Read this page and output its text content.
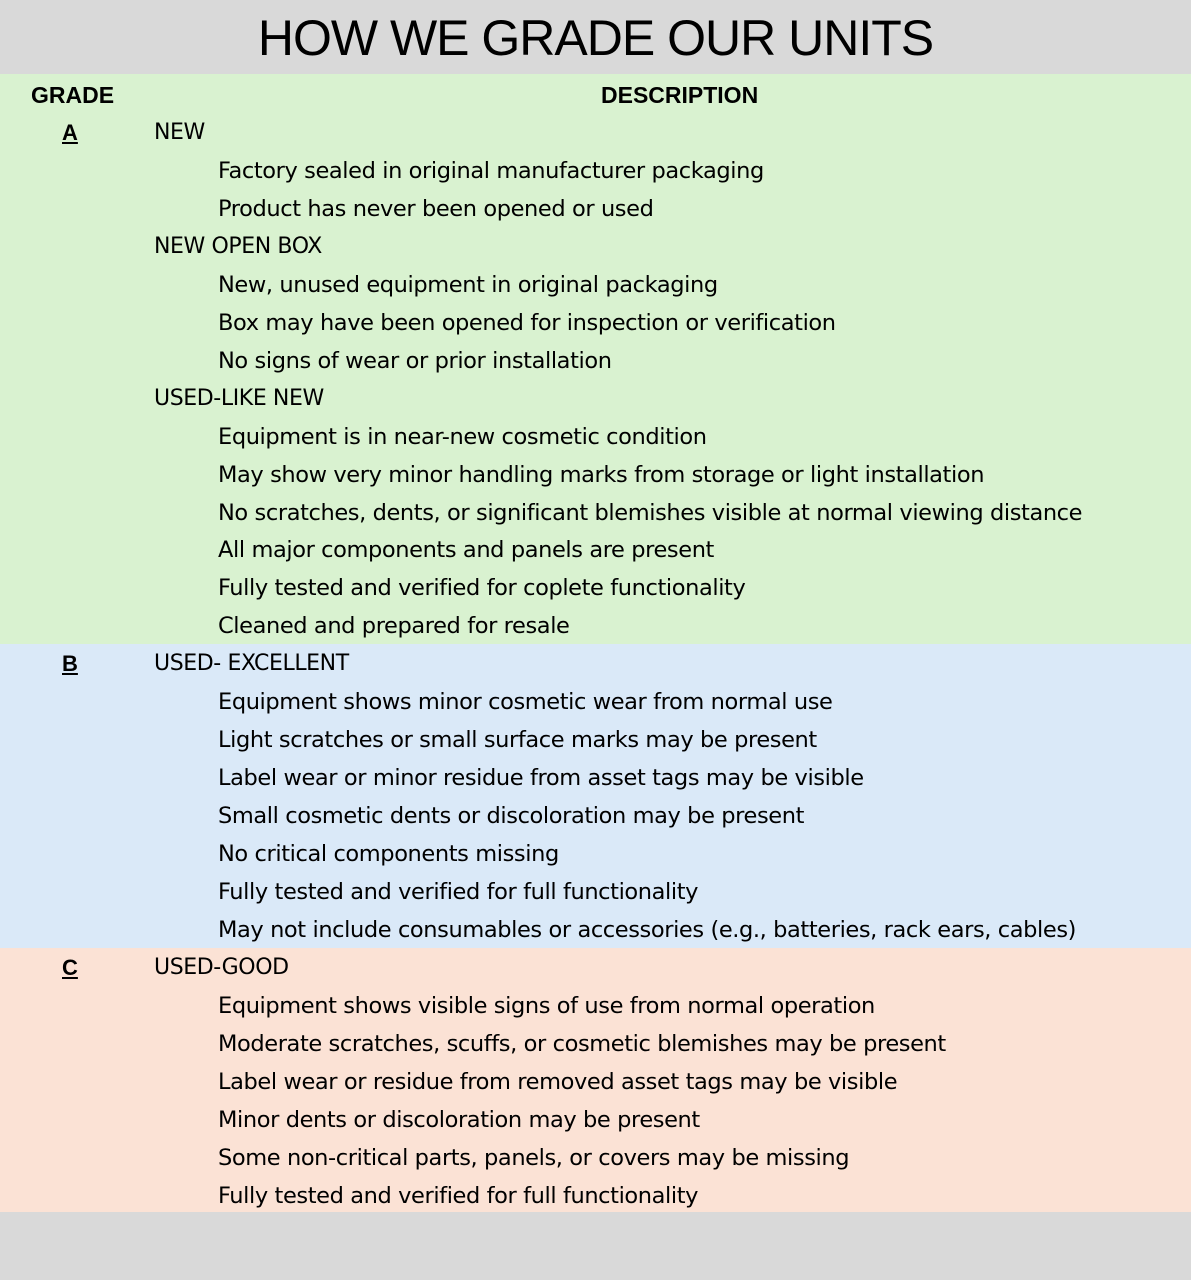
HOW WE GRADE OUR UNITS
GRADE	DESCRIPTION
A	NEW
Factory sealed in original manufacturer packaging
Product has never been opened or used
NEW OPEN BOX
New, unused equipment in original packaging
Box may have been opened for inspection or verification
No signs of wear or prior installation
USED-LIKE NEW
Equipment is in near-new cosmetic condition
May show very minor handling marks from storage or light installation
No scratches, dents, or significant blemishes visible at normal viewing distance
All major components and panels are present
Fully tested and verified for coplete functionality
Cleaned and prepared for resale
B	USED- EXCELLENT
Equipment shows minor cosmetic wear from normal use
Light scratches or small surface marks may be present
Label wear or minor residue from asset tags may be visible
Small cosmetic dents or discoloration may be present
No critical components missing
Fully tested and verified for full functionality
May not include consumables or accessories (e.g., batteries, rack ears, cables)
C	USED-GOOD
Equipment shows visible signs of use from normal operation
Moderate scratches, scuffs, or cosmetic blemishes may be present
Label wear or residue from removed asset tags may be visible
Minor dents or discoloration may be present
Some non-critical parts, panels, or covers may be missing
Fully tested and verified for full functionality
